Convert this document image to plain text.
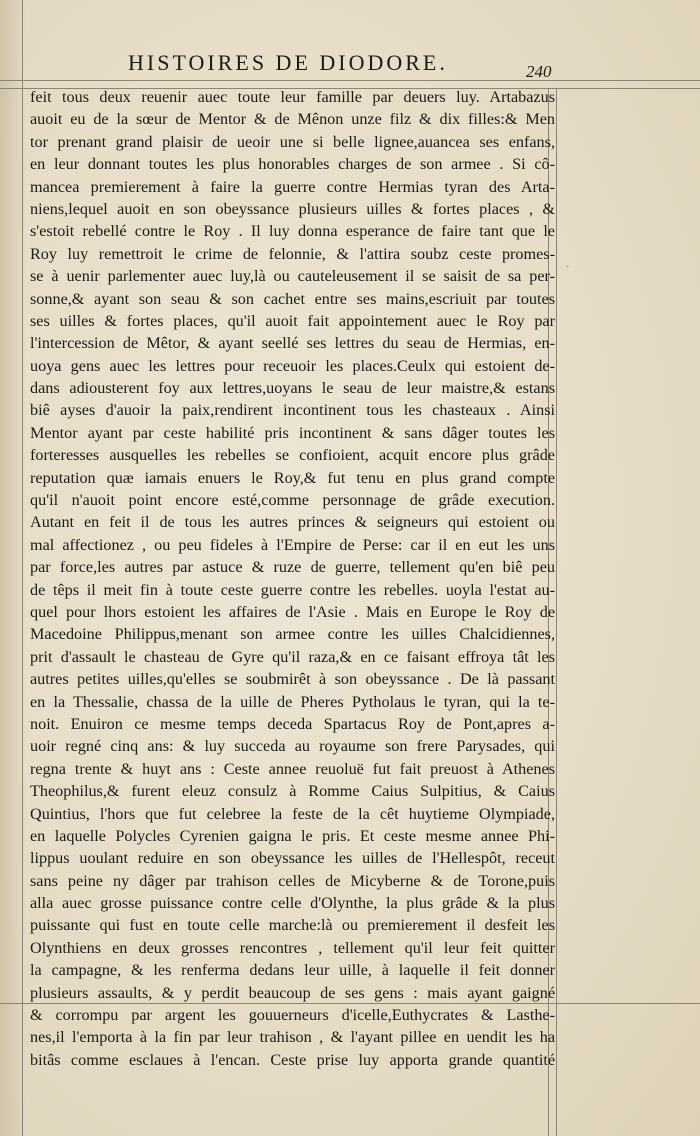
·
HISTOIRES DE DIODORE.	240
feit tous deux reuenir auec toute leur famille par deuers luy. Artabazus
auoit eu de la sœur de Mentor & de Mênon unze filz & dix filles:& Men
tor prenant grand plaisir de ueoir une si belle lignee,auancea ses enfans,
en leur donnant toutes les plus honorables charges de son armee . Si cô-
mancea premierement à faire la guerre contre Hermias tyran des Arta-
niens,lequel auoit en son obeyssance plusieurs uilles & fortes places , &
s'estoit rebellé contre le Roy . Il luy donna esperance de faire tant que le
Roy luy remettroit le crime de felonnie, & l'attira soubz ceste promes-
se à uenir parlementer auec luy,là ou cauteleusement il se saisit de sa per-
sonne,& ayant son seau & son cachet entre ses mains,escriuit par toutes
ses uilles & fortes places, qu'il auoit fait appointement auec le Roy par
l'intercession de Mêtor, & ayant seellé ses lettres du seau de Hermias, en-
uoya gens auec les lettres pour receuoir les places.Ceulx qui estoient de-
dans adiousterent foy aux lettres,uoyans le seau de leur maistre,& estans
biê ayses d'auoir la paix,rendirent incontinent tous les chasteaux . Ainsi
Mentor ayant par ceste habilité pris incontinent & sans dâger toutes les
forteresses ausquelles les rebelles se confioient, acquit encore plus grâde
reputation quæ iamais enuers le Roy,& fut tenu en plus grand compte
qu'il n'auoit point encore esté,comme personnage de grâde execution.
Autant en feit il de tous les autres princes & seigneurs qui estoient ou
mal affectionez , ou peu fideles à l'Empire de Perse: car il en eut les uns
par force,les autres par astuce & ruze de guerre, tellement qu'en biê peu
de têps il meit fin à toute ceste guerre contre les rebelles. uoyla l'estat au-
quel pour lhors estoient les affaires de l'Asie . Mais en Europe le Roy de
Macedoine Philippus,menant son armee contre les uilles Chalcidiennes,
prit d'assault le chasteau de Gyre qu'il raza,& en ce faisant effroya tât les
autres petites uilles,qu'elles se soubmirêt à son obeyssance . De là passant
en la Thessalie, chassa de la uille de Pheres Pytholaus le tyran, qui la te-
noit. Enuiron ce mesme temps deceda Spartacus Roy de Pont,apres a-
uoir regné cinq ans: & luy succeda au royaume son frere Parysades, qui
regna trente & huyt ans : Ceste annee reuoluë fut fait preuost à Athenes
Theophilus,& furent eleuz consulz à Romme Caius Sulpitius, & Caius
Quintius, l'hors que fut celebree la feste de la cêt huytieme Olympiade,
en laquelle Polycles Cyrenien gaigna le pris. Et ceste mesme annee Phi-
lippus uoulant reduire en son obeyssance les uilles de l'Hellespôt, receut
sans peine ny dâger par trahison celles de Micyberne & de Torone,puis
alla auec grosse puissance contre celle d'Olynthe, la plus grâde & la plus
puissante qui fust en toute celle marche:là ou premierement il desfeit les
Olynthiens en deux grosses rencontres , tellement qu'il leur feit quitter
la campagne, & les renferma dedans leur uille, à laquelle il feit donner
plusieurs assaults, & y perdit beaucoup de ses gens : mais ayant gaigné
& corrompu par argent les gouuerneurs d'icelle,Euthycrates & Lasthe-
nes,il l'emporta à la fin par leur trahison , & l'ayant pillee en uendit les ha
bitâs comme esclaues à l'encan. Ceste prise luy apporta grande quantité
